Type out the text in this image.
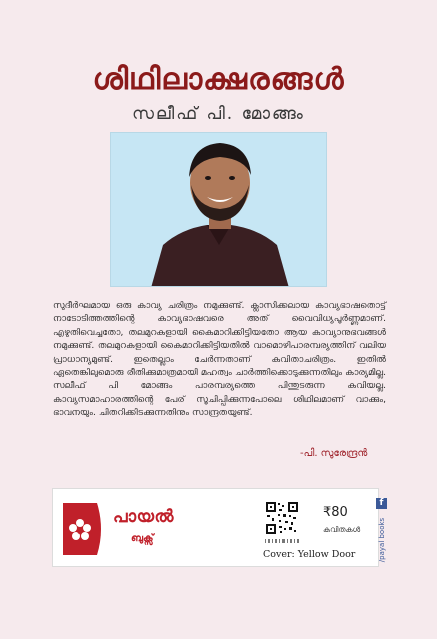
ശിഥിലാക്ഷരങ്ങൾ
സലീഫ് പി. മോങ്ങം

സുദീർഘമായ ഒരു കാവ്യ ചരിത്രം നമുക്കുണ്ട്. ക്ലാസിക്കലായ കാവ്യഭാഷതൊട്ട് നാടോടിത്തത്തിന്റെ കാവ്യഭാഷവരെ അത് വൈവിധ്യപൂർണ്ണമാണ്. എഴുതിവെച്ചതോ, തലമുറകളായി കൈമാറിക്കിട്ടിയതോ ആയ കാവ്യാനുഭവങ്ങൾ നമുക്കുണ്ട്. തലമുറകളായി കൈമാറിക്കിട്ടിയതിൽ വാമൊഴിപാരമ്പര്യത്തിന് വലിയ പ്രാധാന്യമുണ്ട്. ഇതെല്ലാം ചേർന്നതാണ് കവിതാചരിത്രം. ഇതിൽ ഏതെങ്കിലുമൊരു രീതിക്കുമാത്രമായി മഹത്വം ചാർത്തിക്കൊടുക്കുന്നതിലും കാര്യമില്ല. സലീഫ് പി മോങ്ങം പാരമ്പര്യത്തെ പിന്തുടരുന്ന കവിയല്ല. കാവ്യസമാഹാരത്തിന്റെ പേര് സൂചിപ്പിക്കുന്നപോലെ ശിഥിലമാണ് വാക്കും, ഭാവനയും. ചിതറിക്കിടക്കുന്നതിനും സാന്ദ്രതയുണ്ട്.

-പി. സുരേന്ദ്രൻ
പായൽ
ബുക്സ്
₹80
കവിതകൾ
Cover: Yellow Door
f
/payal books
